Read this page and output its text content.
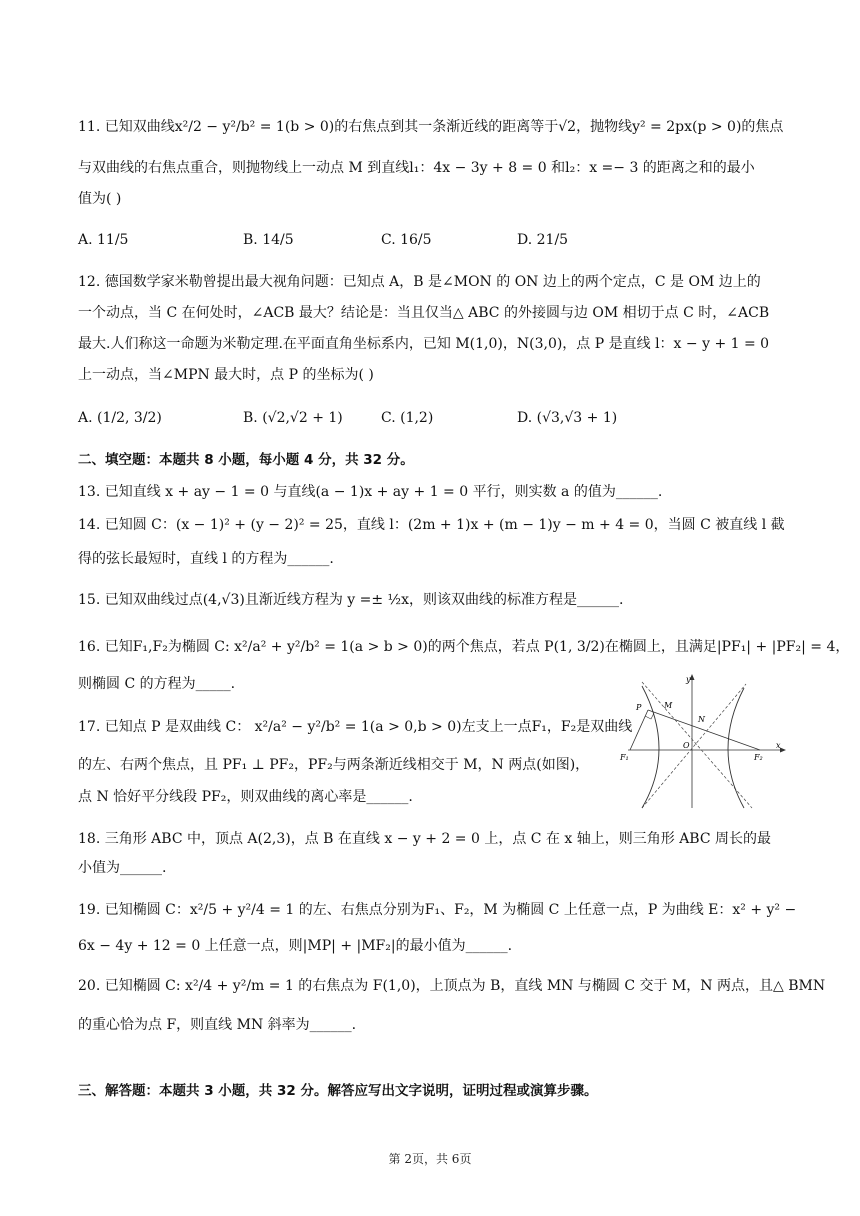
11. 已知双曲线x²/2 − y²/b² = 1(b > 0)的右焦点到其一条渐近线的距离等于√2，抛物线y² = 2px(p > 0)的焦点
与双曲线的右焦点重合，则抛物线上一动点 M 到直线l₁：4x − 3y + 8 = 0 和l₂：x =− 3 的距离之和的最小
值为( )
A. 11/5	B. 14/5	C. 16/5	D. 21/5
12. 德国数学家米勒曾提出最大视角问题：已知点 A，B 是∠MON 的 ON 边上的两个定点，C 是 OM 边上的
一个动点，当 C 在何处时，∠ACB 最大？结论是：当且仅当△ ABC 的外接圆与边 OM 相切于点 C 时，∠ACB
最大.人们称这一命题为米勒定理.在平面直角坐标系内，已知 M(1,0)，N(3,0)，点 P 是直线 l：x − y + 1 = 0
上一动点，当∠MPN 最大时，点 P 的坐标为( )
A. (1/2, 3/2)	B. (√2,√2 + 1)	C. (1,2)	D. (√3,√3 + 1)
二、填空题：本题共 8 小题，每小题 4 分，共 32 分。
13. 已知直线 x + ay − 1 = 0 与直线(a − 1)x + ay + 1 = 0 平行，则实数 a 的值为______.
14. 已知圆 C：(x − 1)² + (y − 2)² = 25，直线 l：(2m + 1)x + (m − 1)y − m + 4 = 0，当圆 C 被直线 l 截
得的弦长最短时，直线 l 的方程为______.
15. 已知双曲线过点(4,√3)且渐近线方程为 y =± ½x，则该双曲线的标准方程是______.
16. 已知F₁,F₂为椭圆 C: x²/a² + y²/b² = 1(a > b > 0)的两个焦点，若点 P(1, 3/2)在椭圆上，且满足|PF₁| + |PF₂| = 4，
则椭圆 C 的方程为_____.
17. 已知点 P 是双曲线 C： x²/a² − y²/b² = 1(a > 0,b > 0)左支上一点F₁，F₂是双曲线
的左、右两个焦点，且 PF₁ ⊥ PF₂，PF₂与两条渐近线相交于 M，N 两点(如图)，
点 N 恰好平分线段 PF₂，则双曲线的离心率是______.
y
x
P	M
N
O
F₁	F₂
18. 三角形 ABC 中，顶点 A(2,3)，点 B 在直线 x − y + 2 = 0 上，点 C 在 x 轴上，则三角形 ABC 周长的最
小值为______.
19. 已知椭圆 C：x²/5 + y²/4 = 1 的左、右焦点分别为F₁、F₂，M 为椭圆 C 上任意一点，P 为曲线 E：x² + y² −
6x − 4y + 12 = 0 上任意一点，则|MP| + |MF₂|的最小值为______.
20. 已知椭圆 C: x²/4 + y²/m = 1 的右焦点为 F(1,0)，上顶点为 B，直线 MN 与椭圆 C 交于 M，N 两点，且△ BMN
的重心恰为点 F，则直线 MN 斜率为______.
三、解答题：本题共 3 小题，共 32 分。解答应写出文字说明，证明过程或演算步骤。
第 2页，共 6页
